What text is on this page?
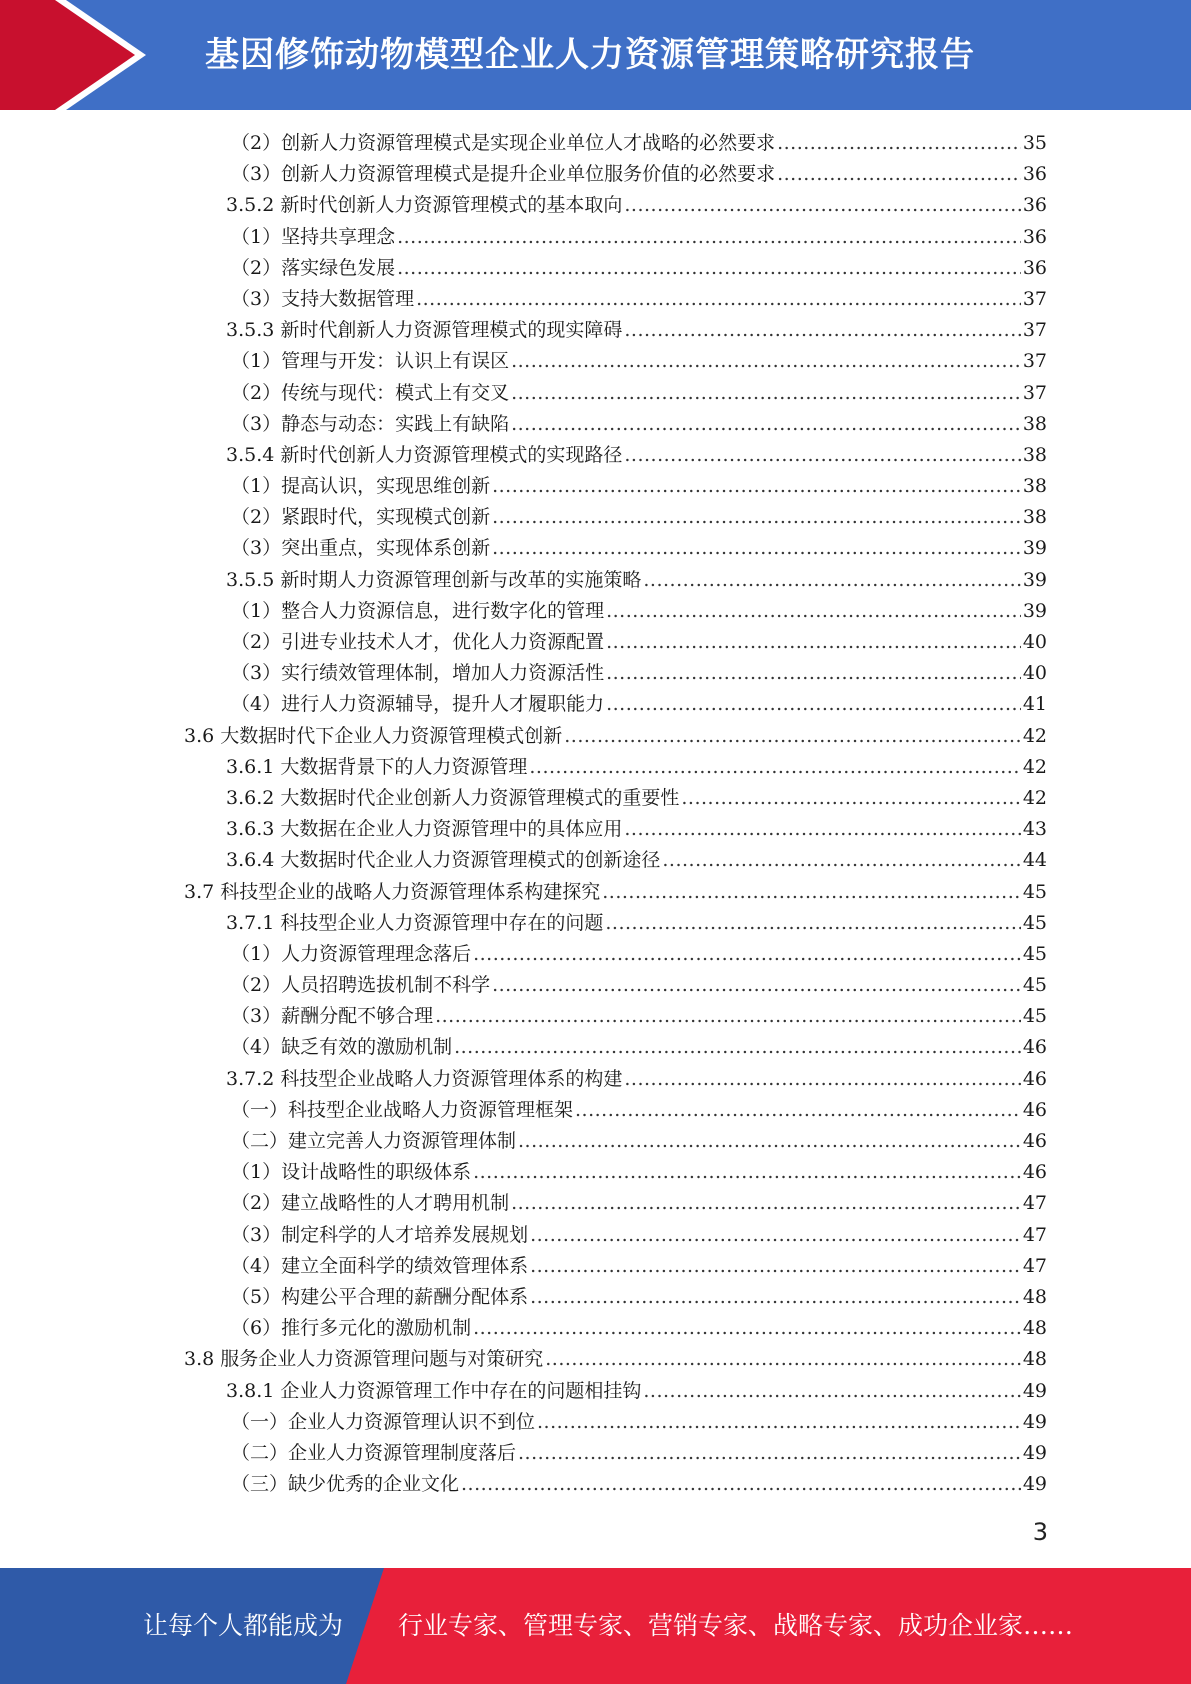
基因修饰动物模型企业人力资源管理策略研究报告
（2）创新人力资源管理模式是实现企业单位人才战略的必然要求 .....	35
（3）创新人力资源管理模式是提升企业单位服务价值的必然要求 .....	36
3.5.2 新时代创新人力资源管理模式的基本取向 .....	36
（1）坚持共享理念 .....	36
（2）落实绿色发展 .....	36
（3）支持大数据管理 .....	37
3.5.3 新时代創新人力资源管理模式的现实障碍 .....	37
（1）管理与开发：认识上有误区 .....	37
（2）传统与现代：模式上有交叉 .....	37
（3）静态与动态：实践上有缺陷 .....	38
3.5.4 新时代创新人力资源管理模式的实现路径 .....	38
（1）提高认识，实现思维创新 .....	38
（2）紧跟时代，实现模式创新 .....	38
（3）突出重点，实现体系创新 .....	39
3.5.5 新时期人力资源管理创新与改革的实施策略 .....	39
（1）整合人力资源信息，进行数字化的管理 .....	39
（2）引进专业技术人才，优化人力资源配置 .....	40
（3）实行绩效管理体制，增加人力资源活性 .....	40
（4）进行人力资源辅导，提升人才履职能力 .....	41
3.6 大数据时代下企业人力资源管理模式创新 .....	42
3.6.1 大数据背景下的人力资源管理 .....	42
3.6.2 大数据时代企业创新人力资源管理模式的重要性 .....	42
3.6.3 大数据在企业人力资源管理中的具体应用 .....	43
3.6.4 大数据时代企业人力资源管理模式的创新途径 .....	44
3.7 科技型企业的战略人力资源管理体系构建探究 .....	45
3.7.1 科技型企业人力资源管理中存在的问题 .....	45
（1）人力资源管理理念落后 .....	45
（2）人员招聘选拔机制不科学 .....	45
（3）薪酬分配不够合理 .....	45
（4）缺乏有效的激励机制 .....	46
3.7.2 科技型企业战略人力资源管理体系的构建 .....	46
（一）科技型企业战略人力资源管理框架 .....	46
（二）建立完善人力资源管理体制 .....	46
（1）设计战略性的职级体系 .....	46
（2）建立战略性的人才聘用机制 .....	47
（3）制定科学的人才培养发展规划 .....	47
（4）建立全面科学的绩效管理体系 .....	47
（5）构建公平合理的薪酬分配体系 .....	48
（6）推行多元化的激励机制 .....	48
3.8 服务企业人力资源管理问题与对策研究 .....	48
3.8.1 企业人力资源管理工作中存在的问题相挂钩 .....	49
（一）企业人力资源管理认识不到位 .....	49
（二）企业人力资源管理制度落后 .....	49
（三）缺少优秀的企业文化 .....	49
3
让每个人都能成为 行业专家、管理专家、营销专家、战略专家、成功企业家……
